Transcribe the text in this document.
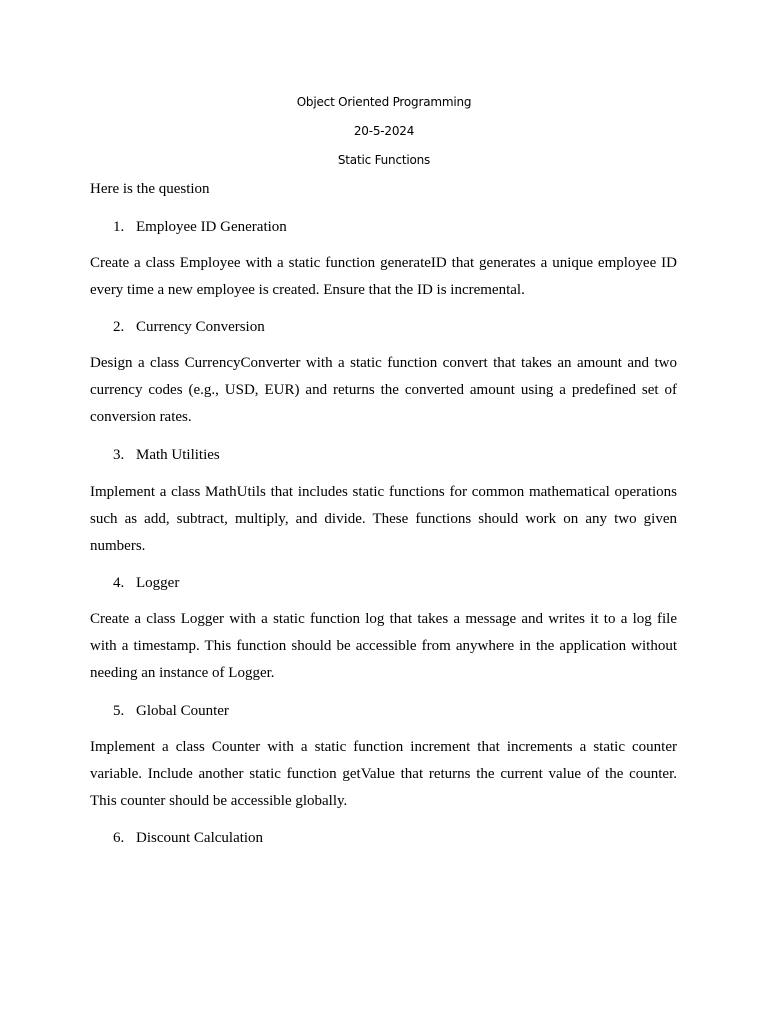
Object Oriented Programming
20-5-2024
Static Functions
Here is the question
1. Employee ID Generation

Create a class Employee with a static function generateID that generates a unique employee ID every time a new employee is created. Ensure that the ID is incremental.

2. Currency Conversion

Design a class CurrencyConverter with a static function convert that takes an amount and two currency codes (e.g., USD, EUR) and returns the converted amount using a predefined set of conversion rates.

3. Math Utilities

Implement a class MathUtils that includes static functions for common mathematical operations such as add, subtract, multiply, and divide. These functions should work on any two given numbers.

4. Logger

Create a class Logger with a static function log that takes a message and writes it to a log file with a timestamp. This function should be accessible from anywhere in the application without needing an instance of Logger.

5. Global Counter

Implement a class Counter with a static function increment that increments a static counter variable. Include another static function getValue that returns the current value of the counter. This counter should be accessible globally.

6. Discount Calculation
